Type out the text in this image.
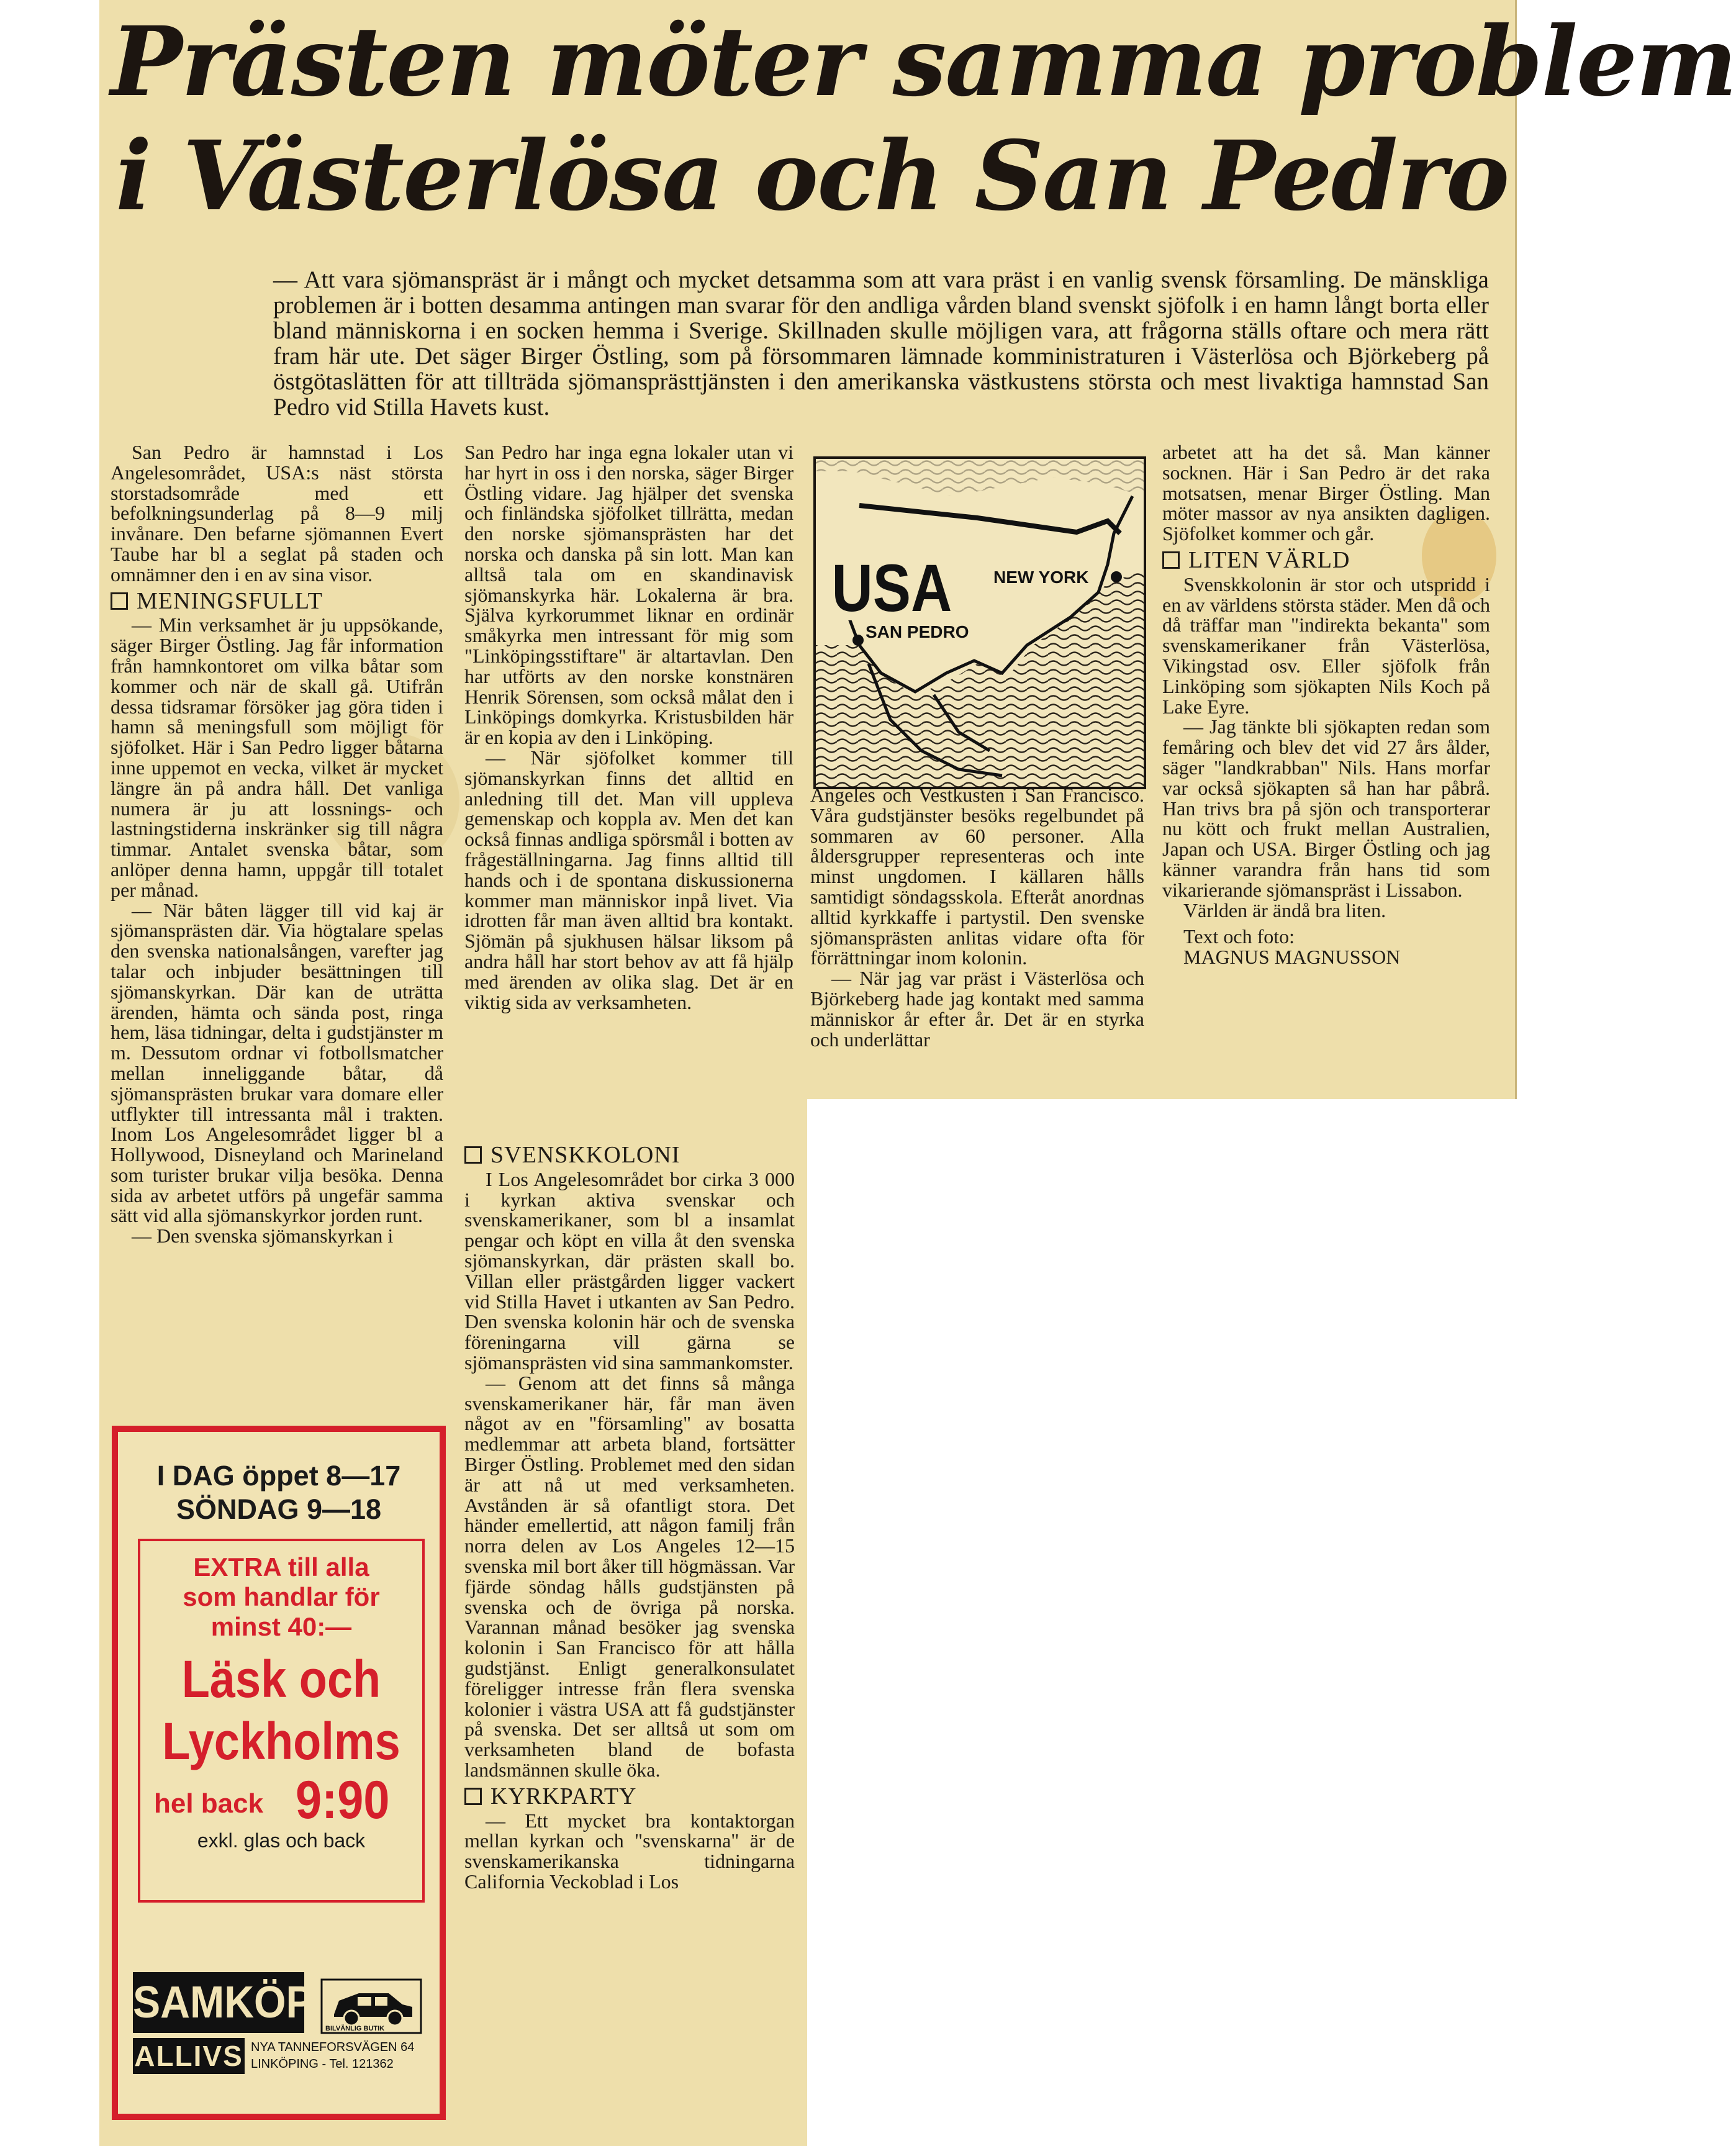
Prästen möter samma problem
i Västerlösa och San Pedro
— Att vara sjömanspräst är i mångt och mycket detsamma som att vara präst i en vanlig svensk församling. De mänskliga problemen är i botten desamma antingen man svarar för den andliga vården bland svenskt sjöfolk i en hamn långt borta eller bland människorna i en socken hemma i Sverige. Skillnaden skulle möjligen vara, att frågorna ställs oftare och mera rätt fram här ute. Det säger Birger Östling, som på försommaren lämnade komministraturen i Västerlösa och Björkeberg på östgötaslätten för att tillträda sjömansprästtjänsten i den amerikanska västkustens största och mest livaktiga hamnstad San Pedro vid Stilla Havets kust.

San Pedro är hamnstad i Los Angelesområdet, USA:s näst största storstadsområde med ett befolkningsunderlag på 8—9 milj invånare. Den befarne sjömannen Evert Taube har bl a seglat på staden och omnämner den i en av sina visor.

MENINGSFULLT

— Min verksamhet är ju uppsökande, säger Birger Östling. Jag får information från hamnkontoret om vilka båtar som kommer och när de skall gå. Utifrån dessa tidsramar försöker jag göra tiden i hamn så meningsfull som möjligt för sjöfolket. Här i San Pedro ligger båtarna inne uppemot en vecka, vilket är mycket längre än på andra håll. Det vanliga numera är ju att lossnings- och lastningstiderna inskränker sig till några timmar. Antalet svenska båtar, som anlöper denna hamn, uppgår till totalet per månad.

— När båten lägger till vid kaj är sjömansprästen där. Via högtalare spelas den svenska nationalsången, varefter jag talar och inbjuder besättningen till sjömanskyrkan. Där kan de uträtta ärenden, hämta och sända post, ringa hem, läsa tidningar, delta i gudstjänster m m. Dessutom ordnar vi fotbollsmatcher mellan inneliggande båtar, då sjömansprästen brukar vara domare eller utflykter till intressanta mål i trakten. Inom Los Angelesområdet ligger bl a Hollywood, Disneyland och Marineland som turister brukar vilja besöka. Denna sida av arbetet utförs på ungefär samma sätt vid alla sjömanskyrkor jorden runt.

— Den svenska sjömanskyrkan i

San Pedro har inga egna lokaler utan vi har hyrt in oss i den norska, säger Birger Östling vidare. Jag hjälper det svenska och finländska sjöfolket tillrätta, medan den norske sjömansprästen har det norska och danska på sin lott. Man kan alltså tala om en skandinavisk sjömanskyrka här. Lokalerna är bra. Själva kyrkorummet liknar en ordinär småkyrka men intressant för mig som "Linköpingsstiftare" är altartavlan. Den har utförts av den norske konstnären Henrik Sörensen, som också målat den i Linköpings domkyrka. Kristusbilden här är en kopia av den i Linköping.

— När sjöfolket kommer till sjömanskyrkan finns det alltid en anledning till det. Man vill uppleva gemenskap och koppla av. Men det kan också finnas andliga spörsmål i botten av frågeställningarna. Jag finns alltid till hands och i de spontana diskussionerna kommer man människor inpå livet. Via idrotten får man även alltid bra kontakt. Sjömän på sjukhusen hälsar liksom på andra håll har stort behov av att få hjälp med ärenden av olika slag. Det är en viktig sida av verksamheten.

SVENSKKOLONI

I Los Angelesområdet bor cirka 3 000 i kyrkan aktiva svenskar och svenskamerikaner, som bl a insamlat pengar och köpt en villa åt den svenska sjömanskyrkan, där prästen skall bo. Villan eller prästgården ligger vackert vid Stilla Havet i utkanten av San Pedro. Den svenska kolonin här och de svenska föreningarna vill gärna se sjömansprästen vid sina sammankomster.

— Genom att det finns så många svenskamerikaner här, får man även något av en "församling" av bosatta medlemmar att arbeta bland, fortsätter Birger Östling. Problemet med den sidan är att nå ut med verksamheten. Avstånden är så ofantligt stora. Det händer emellertid, att någon familj från norra delen av Los Angeles 12—15 svenska mil bort åker till högmässan. Var fjärde söndag hålls gudstjänsten på svenska och de övriga på norska. Varannan månad besöker jag svenska kolonin i San Francisco för att hålla gudstjänst. Enligt generalkonsulatet föreligger intresse från flera svenska kolonier i västra USA att få gudstjänster på svenska. Det ser alltså ut som om verksamheten bland de bofasta landsmännen skulle öka.

KYRKPARTY

— Ett mycket bra kontaktorgan mellan kyrkan och "svenskarna" är de svenskamerikanska tidningarna California Veckoblad i Los

USA NEW YORK
SAN PEDRO

Angeles och Vestkusten i San Francisco. Våra gudstjänster besöks regelbundet på sommaren av 60 personer. Alla åldersgrupper representeras och inte minst ungdomen. I källaren hålls samtidigt söndagsskola. Efteråt anordnas alltid kyrkkaffe i partystil. Den svenske sjömansprästen anlitas vidare ofta för förrättningar inom kolonin.

— När jag var präst i Västerlösa och Björkeberg hade jag kontakt med samma människor år efter år. Det är en styrka och underlättar

arbetet att ha det så. Man känner socknen. Här i San Pedro är det raka motsatsen, menar Birger Östling. Man möter massor av nya ansikten dagligen. Sjöfolket kommer och går.

LITEN VÄRLD

Svenskkolonin är stor och utspridd i en av världens största städer. Men då och då träffar man "indirekta bekanta" som svenskamerikaner från Västerlösa, Vikingstad osv. Eller sjöfolk från Linköping som sjökapten Nils Koch på Lake Eyre.

— Jag tänkte bli sjökapten redan som femåring och blev det vid 27 års ålder, säger "landkrabban" Nils. Hans morfar var också sjökapten så han har påbrå. Han trivs bra på sjön och transporterar nu kött och frukt mellan Australien, Japan och USA. Birger Östling och jag känner varandra från hans tid som vikarierande sjömanspräst i Lissabon.

Världen är ändå bra liten.

Text och foto:

MAGNUS MAGNUSSON

I DAG öppet 8—17
SÖNDAG 9—18
EXTRA till alla
som handlar för
minst 40:—
Läsk och
Lyckholms
hel back 9:90
exkl. glas och back
SAMKÖP
BILVÄNLIG BUTIK
ALLIVS NYA TANNEFORSVÄGEN 64
LINKÖPING - Tel. 121362
